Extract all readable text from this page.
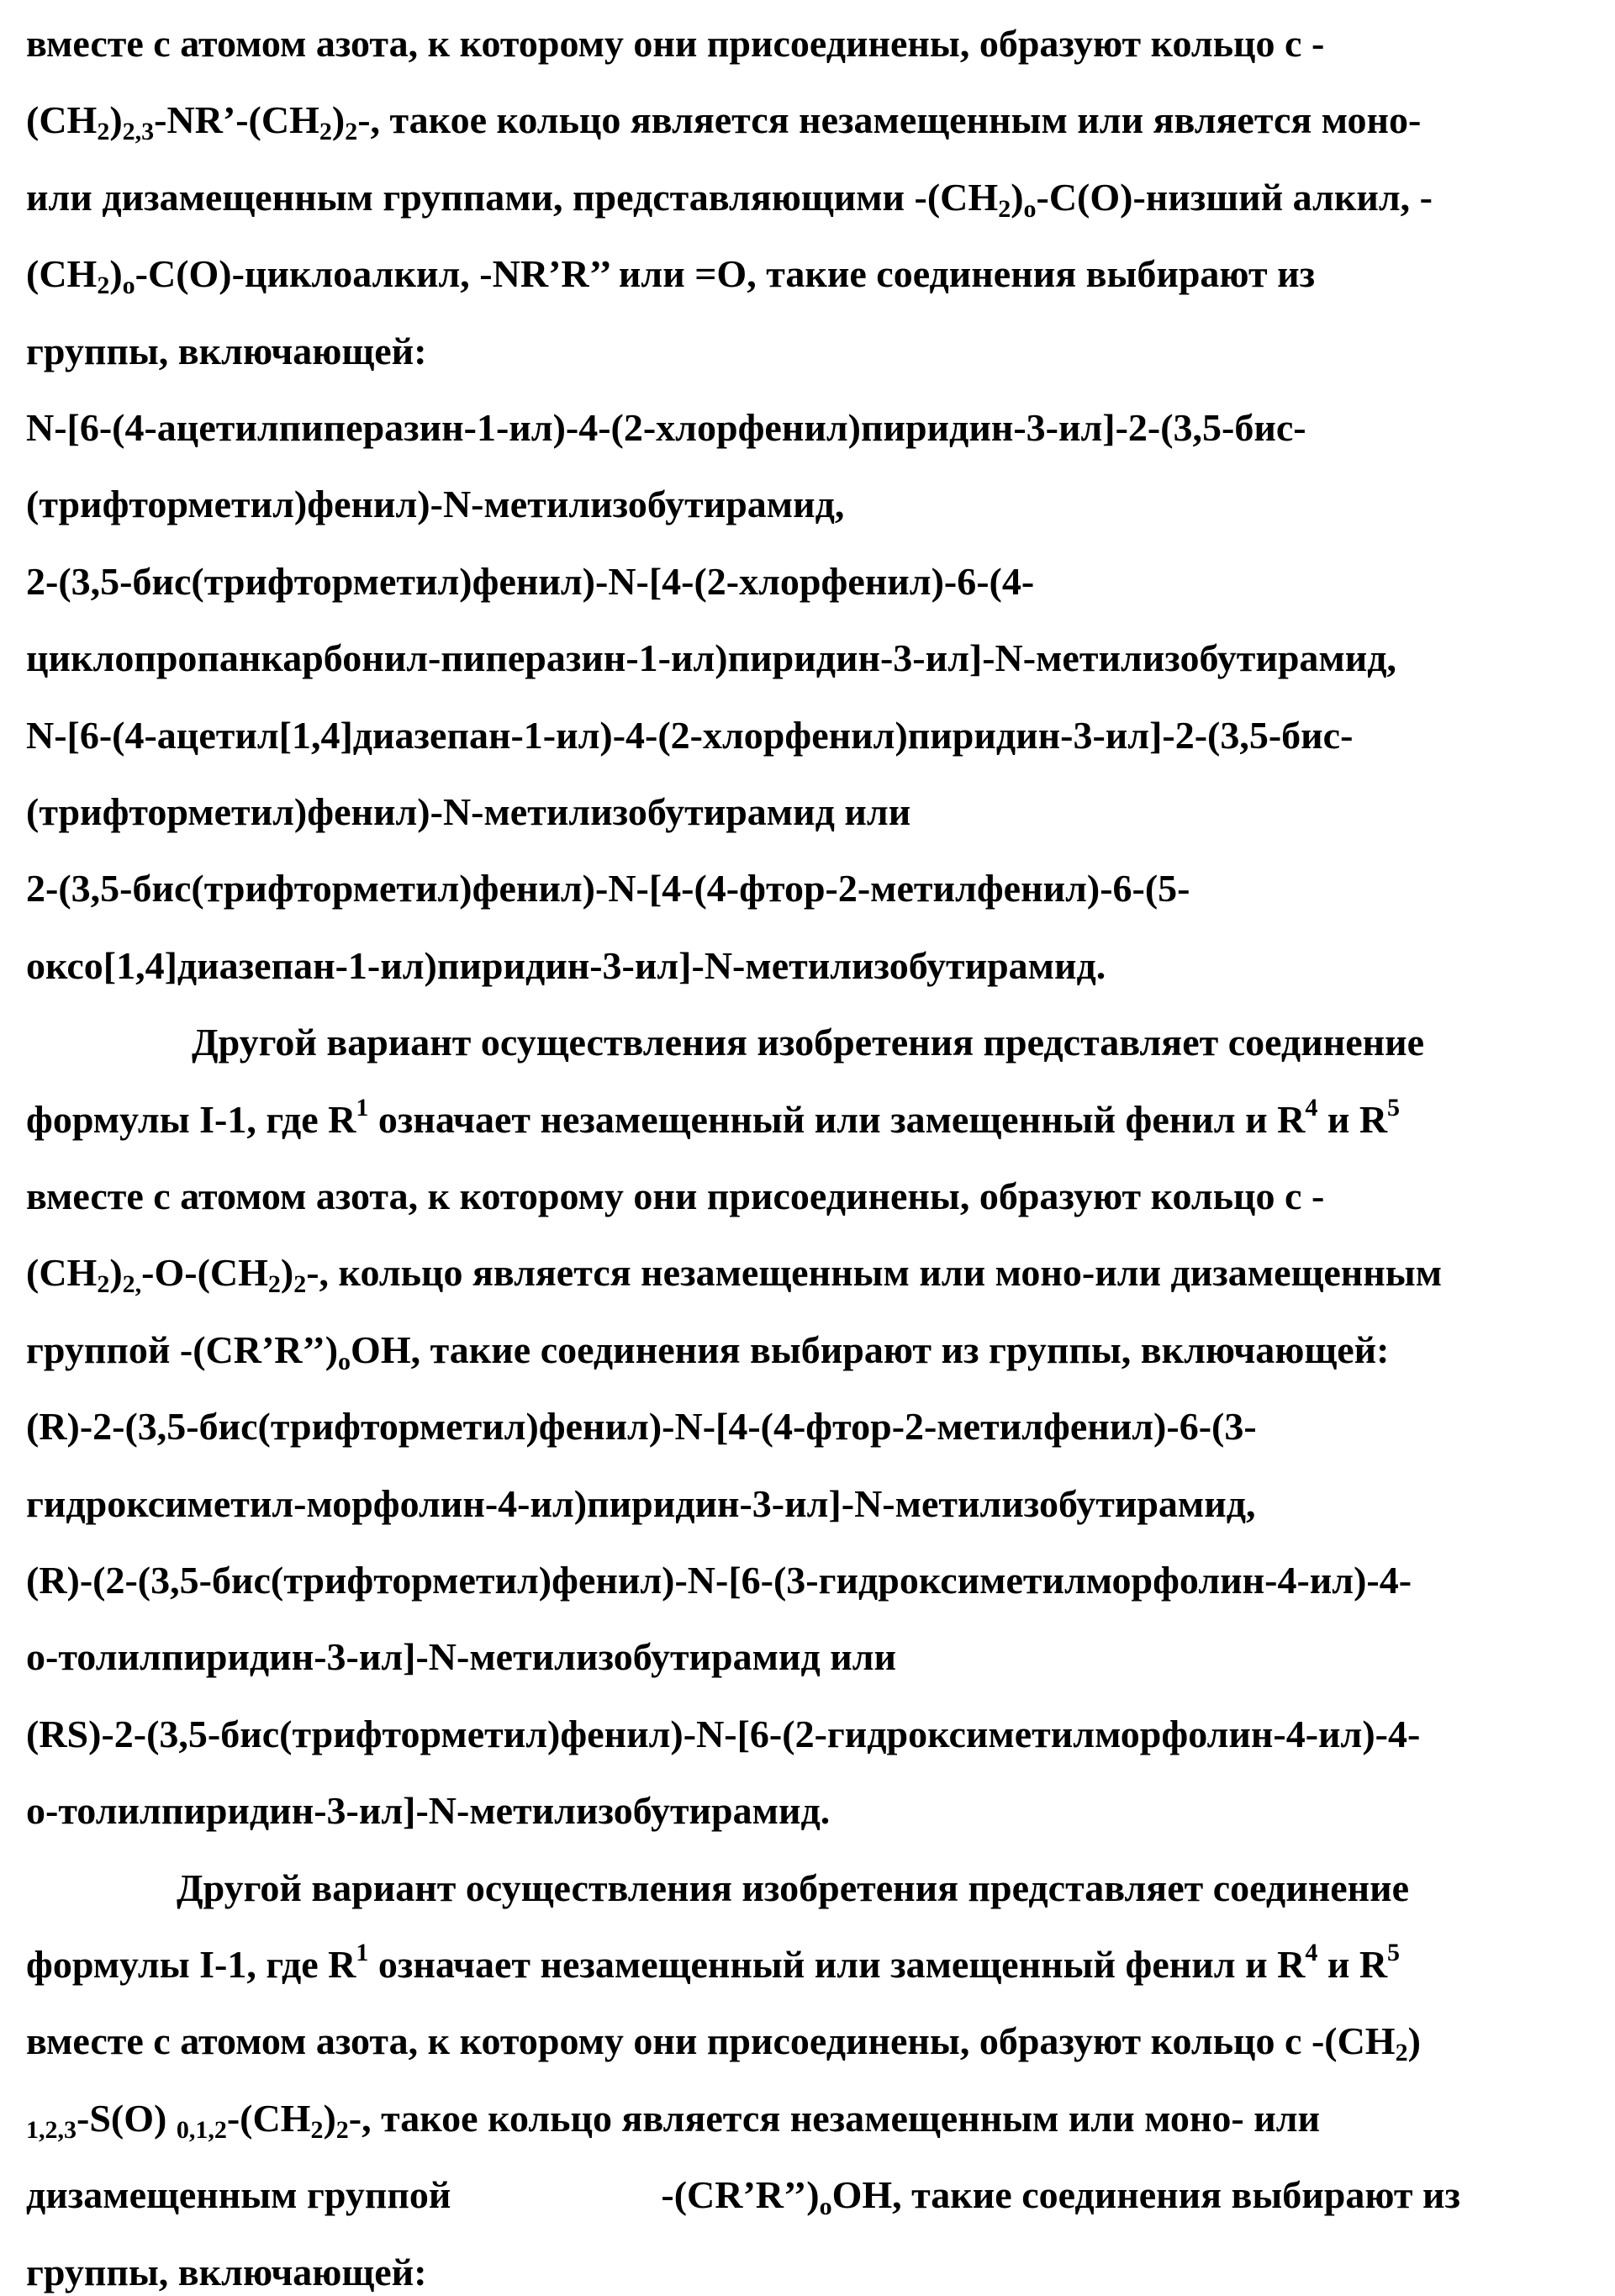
вместе с атомом азота, к которому они присоединены, образуют кольцо с -
(CH2)2,3-NR’-(CH2)2-, такое кольцо является незамещенным или является моно-
или дизамещенным группами, представляющими -(CH2)o-C(O)-низший алкил, -
(CH2)o-C(O)-циклоалкил, -NR’R’’ или =O, такие соединения выбирают из
группы, включающей:
N-[6-(4-ацетилпиперазин-1-ил)-4-(2-хлорфенил)пиридин-3-ил]-2-(3,5-бис-
(трифторметил)фенил)-N-метилизобутирамид,
2-(3,5-бис(трифторметил)фенил)-N-[4-(2-хлорфенил)-6-(4-
циклопропанкарбонил-пиперазин-1-ил)пиридин-3-ил]-N-метилизобутирамид,
N-[6-(4-ацетил[1,4]диазепан-1-ил)-4-(2-хлорфенил)пиридин-3-ил]-2-(3,5-бис-
(трифторметил)фенил)-N-метилизобутирамид или
2-(3,5-бис(трифторметил)фенил)-N-[4-(4-фтор-2-метилфенил)-6-(5-
оксо[1,4]диазепан-1-ил)пиридин-3-ил]-N-метилизобутирамид.
Другой вариант осуществления изобретения представляет соединение
формулы I-1, где R1 означает незамещенный или замещенный фенил и R4 и R5
вместе с атомом азота, к которому они присоединены, образуют кольцо с -
(CH2)2,-O-(CH2)2-, кольцо является незамещенным или моно-или дизамещенным
группой -(CR’R’’)oOH, такие соединения выбирают из группы, включающей:
(R)-2-(3,5-бис(трифторметил)фенил)-N-[4-(4-фтор-2-метилфенил)-6-(3-
гидроксиметил-морфолин-4-ил)пиридин-3-ил]-N-метилизобутирамид,
(R)-(2-(3,5-бис(трифторметил)фенил)-N-[6-(3-гидроксиметилморфолин-4-ил)-4-
о-толилпиридин-3-ил]-N-метилизобутирамид или
(RS)-2-(3,5-бис(трифторметил)фенил)-N-[6-(2-гидроксиметилморфолин-4-ил)-4-
о-толилпиридин-3-ил]-N-метилизобутирамид.
Другой вариант осуществления изобретения представляет соединение
формулы I-1, где R1 означает незамещенный или замещенный фенил и R4 и R5
вместе с атомом азота, к которому они присоединены, образуют кольцо с -(CH2)
1,2,3-S(O) 0,1,2-(CH2)2-, такое кольцо является незамещенным или моно- или
дизамещенным группой	-(CR’R’’)oOH, такие соединения выбирают из
группы, включающей:
